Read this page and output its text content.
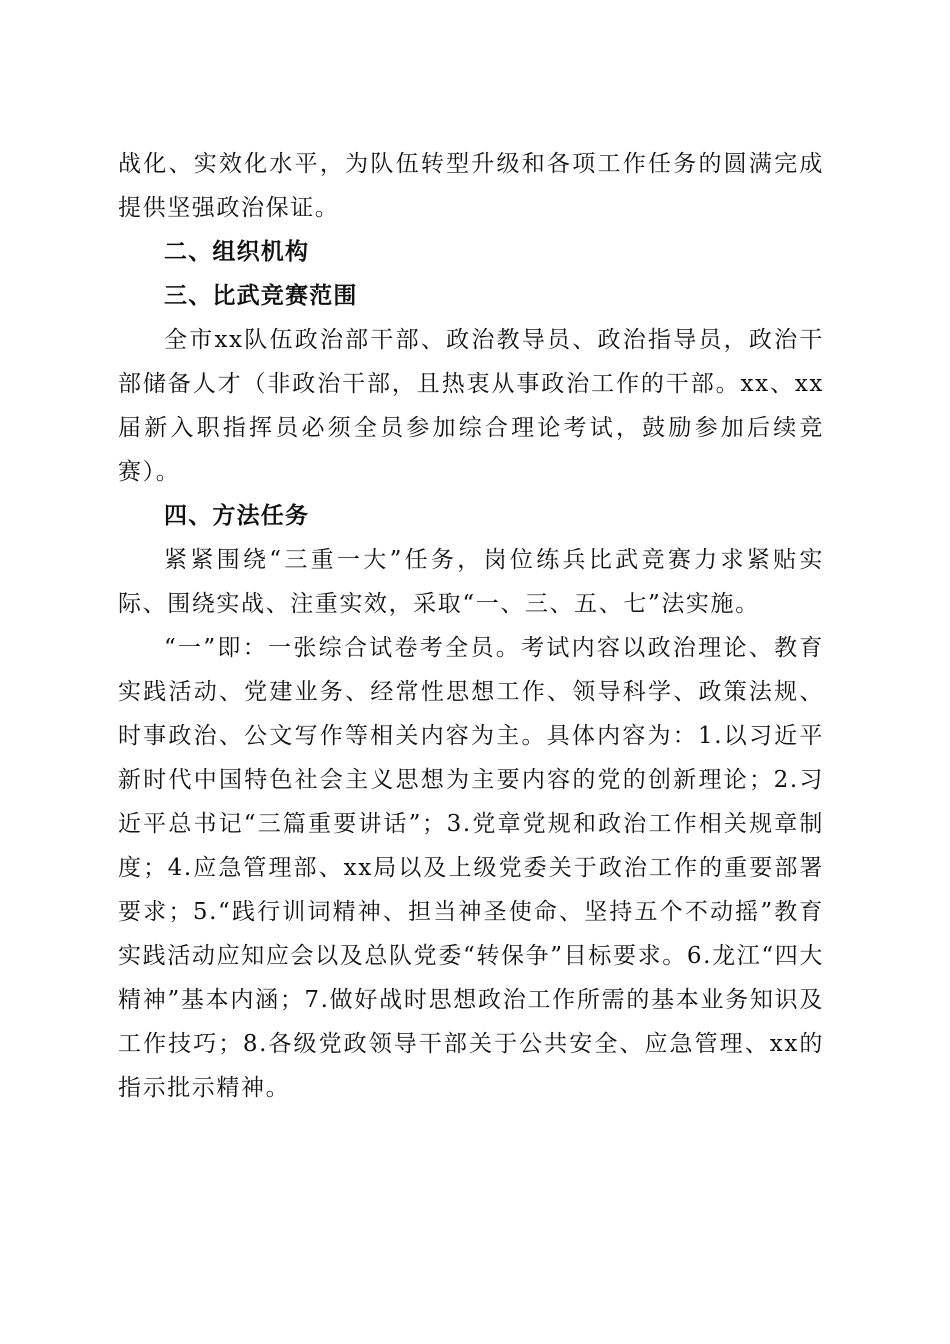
战化、实效化水平，为队伍转型升级和各项工作任务的圆满完成提供坚强政治保证。

二、组织机构

三、比武竞赛范围

全市xx队伍政治部干部、政治教导员、政治指导员，政治干部储备人才（非政治干部，且热衷从事政治工作的干部。xx、xx届新入职指挥员必须全员参加综合理论考试，鼓励参加后续竞赛）。

四、方法任务

紧紧围绕“三重一大”任务，岗位练兵比武竞赛力求紧贴实际、围绕实战、注重实效，采取“一、三、五、七”法实施。

“一”即：一张综合试卷考全员。考试内容以政治理论、教育实践活动、党建业务、经常性思想工作、领导科学、政策法规、时事政治、公文写作等相关内容为主。具体内容为：1.以习近平新时代中国特色社会主义思想为主要内容的党的创新理论；2.习近平总书记“三篇重要讲话”；3.党章党规和政治工作相关规章制度；4.应急管理部、xx局以及上级党委关于政治工作的重要部署要求；5.“践行训词精神、担当神圣使命、坚持五个不动摇”教育实践活动应知应会以及总队党委“转保争”目标要求。6.龙江“四大精神”基本内涵；7.做好战时思想政治工作所需的基本业务知识及工作技巧；8.各级党政领导干部关于公共安全、应急管理、xx的指示批示精神。
